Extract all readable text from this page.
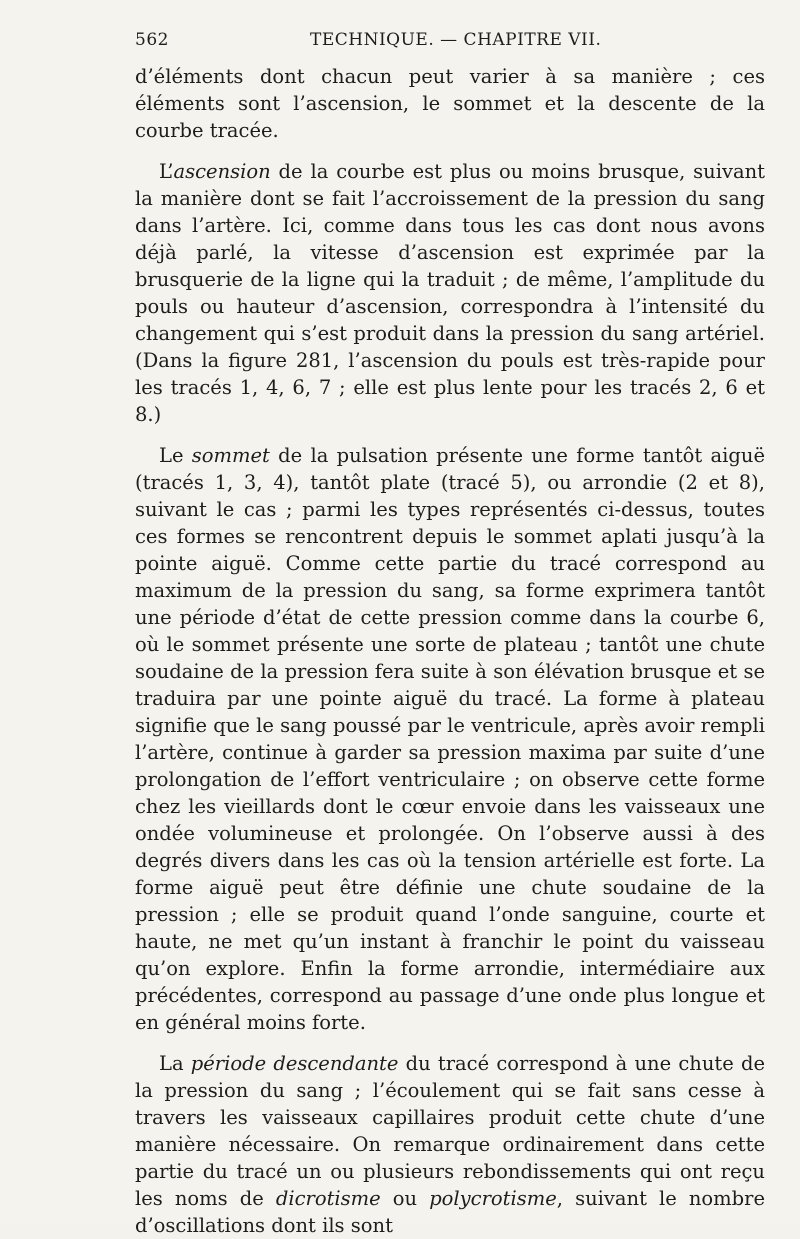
562	TECHNIQUE. — CHAPITRE VII.

d’éléments dont chacun peut varier à sa manière ; ces éléments sont l’ascension, le sommet et la descente de la courbe tracée.

L’ascension de la courbe est plus ou moins brusque, suivant la manière dont se fait l’accroissement de la pression du sang dans l’artère. Ici, comme dans tous les cas dont nous avons déjà parlé, la vitesse d’ascension est exprimée par la brusquerie de la ligne qui la traduit ; de même, l’amplitude du pouls ou hauteur d’ascension, correspondra à l’intensité du changement qui s’est produit dans la pression du sang artériel. (Dans la figure 281, l’ascension du pouls est très-rapide pour les tracés 1, 4, 6, 7 ; elle est plus lente pour les tracés 2, 6 et 8.)

Le sommet de la pulsation présente une forme tantôt aiguë (tracés 1, 3, 4), tantôt plate (tracé 5), ou arrondie (2 et 8), suivant le cas ; parmi les types représentés ci-dessus, toutes ces formes se rencontrent depuis le sommet aplati jusqu’à la pointe aiguë. Comme cette partie du tracé correspond au maximum de la pression du sang, sa forme exprimera tantôt une période d’état de cette pression comme dans la courbe 6, où le sommet présente une sorte de plateau ; tantôt une chute soudaine de la pression fera suite à son élévation brusque et se traduira par une pointe aiguë du tracé. La forme à plateau signifie que le sang poussé par le ventricule, après avoir rempli l’artère, continue à garder sa pression maxima par suite d’une prolongation de l’effort ventriculaire ; on observe cette forme chez les vieillards dont le cœur envoie dans les vaisseaux une ondée volumineuse et prolongée. On l’observe aussi à des degrés divers dans les cas où la tension artérielle est forte. La forme aiguë peut être définie une chute soudaine de la pression ; elle se produit quand l’onde sanguine, courte et haute, ne met qu’un instant à franchir le point du vaisseau qu’on explore. Enfin la forme arrondie, intermédiaire aux précédentes, correspond au passage d’une onde plus longue et en général moins forte.

La période descendante du tracé correspond à une chute de la pression du sang ; l’écoulement qui se fait sans cesse à travers les vaisseaux capillaires produit cette chute d’une manière nécessaire. On remarque ordinairement dans cette partie du tracé un ou plusieurs rebondissements qui ont reçu les noms de dicrotisme ou polycrotisme, suivant le nombre d’oscillations dont ils sont
